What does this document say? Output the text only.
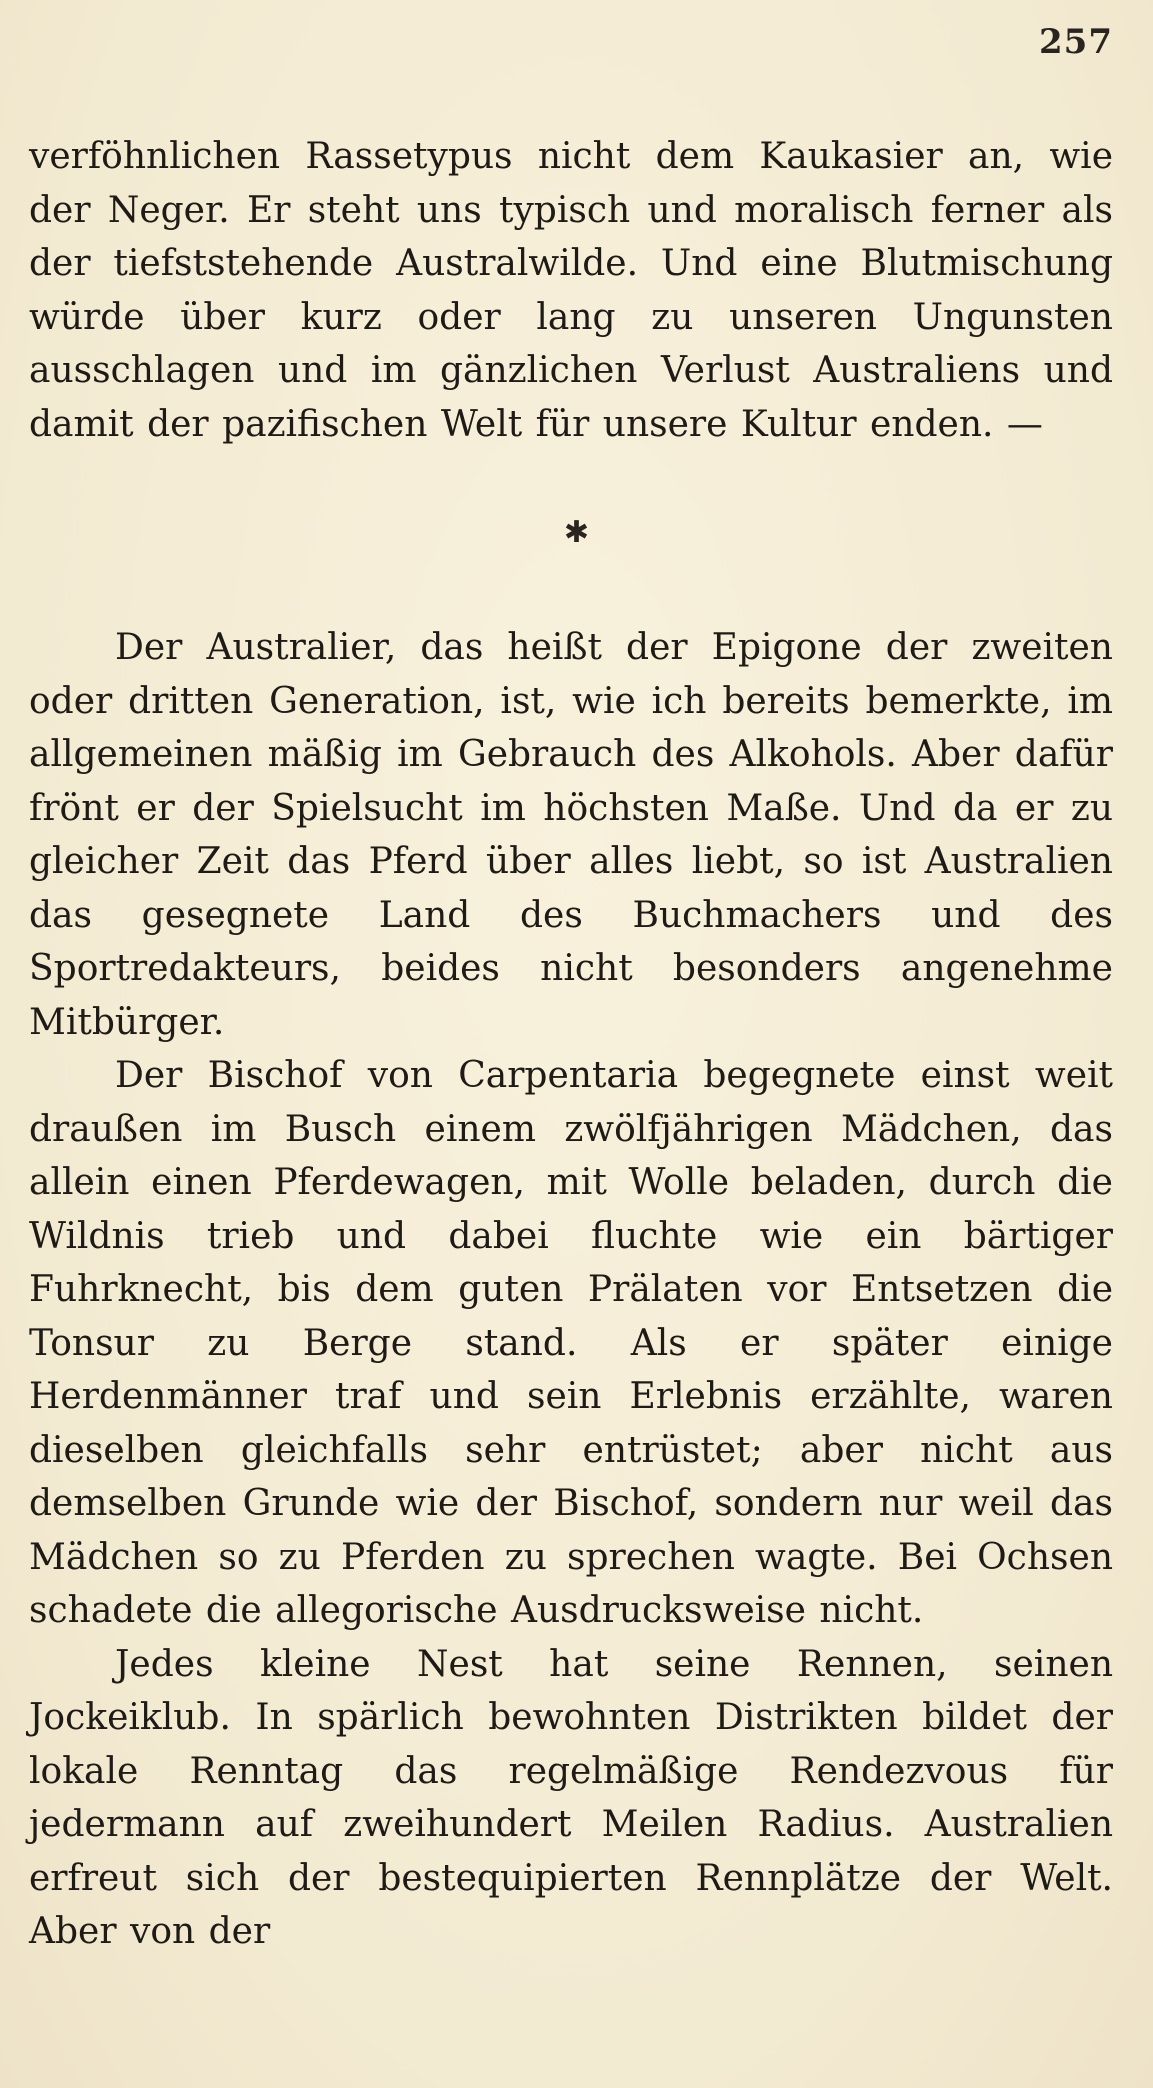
257

verföhnlichen Rassetypus nicht dem Kaukasier an, wie der Neger. Er steht uns typisch und moralisch ferner als der tiefststehende Australwilde. Und eine Blutmischung würde über kurz oder lang zu unseren Ungunsten ausschlagen und im gänzlichen Verlust Australiens und damit der pazifischen Welt für unsere Kultur enden. —

✱

Der Australier, das heißt der Epigone der zweiten oder dritten Generation, ist, wie ich bereits bemerkte, im allgemeinen mäßig im Gebrauch des Alkohols. Aber dafür frönt er der Spielsucht im höchsten Maße. Und da er zu gleicher Zeit das Pferd über alles liebt, so ist Australien das gesegnete Land des Buchmachers und des Sportredakteurs, beides nicht besonders angenehme Mitbürger.

Der Bischof von Carpentaria begegnete einst weit draußen im Busch einem zwölfjährigen Mädchen, das allein einen Pferdewagen, mit Wolle beladen, durch die Wildnis trieb und dabei fluchte wie ein bärtiger Fuhrknecht, bis dem guten Prälaten vor Entsetzen die Tonsur zu Berge stand. Als er später einige Herdenmänner traf und sein Erlebnis erzählte, waren dieselben gleichfalls sehr entrüstet; aber nicht aus demselben Grunde wie der Bischof, sondern nur weil das Mädchen so zu Pferden zu sprechen wagte. Bei Ochsen schadete die allegorische Ausdrucksweise nicht.

Jedes kleine Nest hat seine Rennen, seinen Jockeiklub. In spärlich bewohnten Distrikten bildet der lokale Renntag das regelmäßige Rendezvous für jedermann auf zweihundert Meilen Radius. Australien erfreut sich der bestequipierten Rennplätze der Welt. Aber von der
